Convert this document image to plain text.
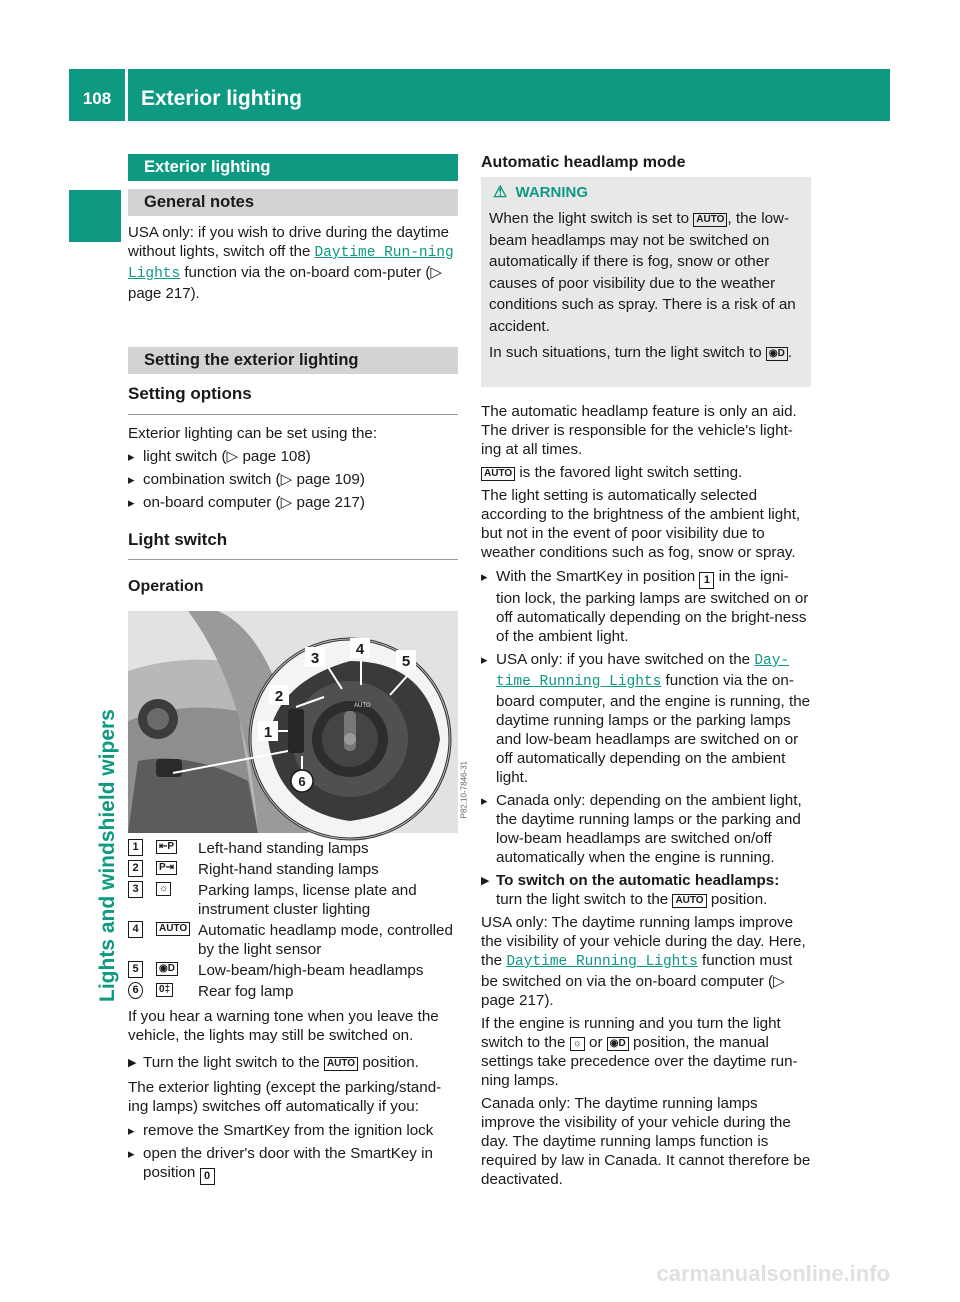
108	Exterior lighting
Lights and windshield wipers
Exterior lighting
General notes

USA only: if you wish to drive during the daytime without lights, switch off the Daytime Run-ning Lights function via the on-board com-puter (▷ page 217).

Setting the exterior lighting
Setting options

Exterior lighting can be set using the:

▸ light switch (▷ page 108)
▸ combination switch (▷ page 109)
▸ on-board computer (▷ page 217)
Light switch
Operation
6
1
2
3
4
5
AUTO
P82.10-7846-31
1	⇤P Left-hand standing lamps
2	P⇥ Right-hand standing lamps
3	☼ Parking lamps, license plate and instrument cluster lighting
4	AUTO Automatic headlamp mode, controlled by the light sensor
5	◉D Low-beam/high-beam headlamps
6	0‡ Rear fog lamp

If you hear a warning tone when you leave the vehicle, the lights may still be switched on.

▶ Turn the light switch to the AUTO position.

The exterior lighting (except the parking/stand-ing lamps) switches off automatically if you:

▸ remove the SmartKey from the ignition lock
▸ open the driver's door with the SmartKey in position 0
Automatic headlamp mode
⚠ WARNING

When the light switch is set to AUTO , the low-beam headlamps may not be switched on automatically if there is fog, snow or other causes of poor visibility due to the weather conditions such as spray. There is a risk of an accident.

In such situations, turn the light switch to ◉D .

The automatic headlamp feature is only an aid. The driver is responsible for the vehicle's light-ing at all times.

AUTO is the favored light switch setting.

The light setting is automatically selected according to the brightness of the ambient light, but not in the event of poor visibility due to weather conditions such as fog, snow or spray.

▸ With the SmartKey in position 1 in the igni-tion lock, the parking lamps are switched on or off automatically depending on the bright-ness of the ambient light.
▸ USA only: if you have switched on the Day-time Running Lights function via the on-board computer, and the engine is running, the daytime running lamps or the parking lamps and low-beam headlamps are switched on or off automatically depending on the ambient light.
▸ Canada only: depending on the ambient light, the daytime running lamps or the parking and low-beam headlamps are switched on/off automatically when the engine is running.
▶ To switch on the automatic headlamps:
turn the light switch to the AUTO position.

USA only: The daytime running lamps improve the visibility of your vehicle during the day. Here, the Daytime Running Lights function must be switched on via the on-board computer (▷ page 217).

If the engine is running and you turn the light switch to the ☼ or ◉D position, the manual settings take precedence over the daytime run-ning lamps.

Canada only: The daytime running lamps improve the visibility of your vehicle during the day. The daytime running lamps function is required by law in Canada. It cannot therefore be deactivated.

carmanualsonline.info
